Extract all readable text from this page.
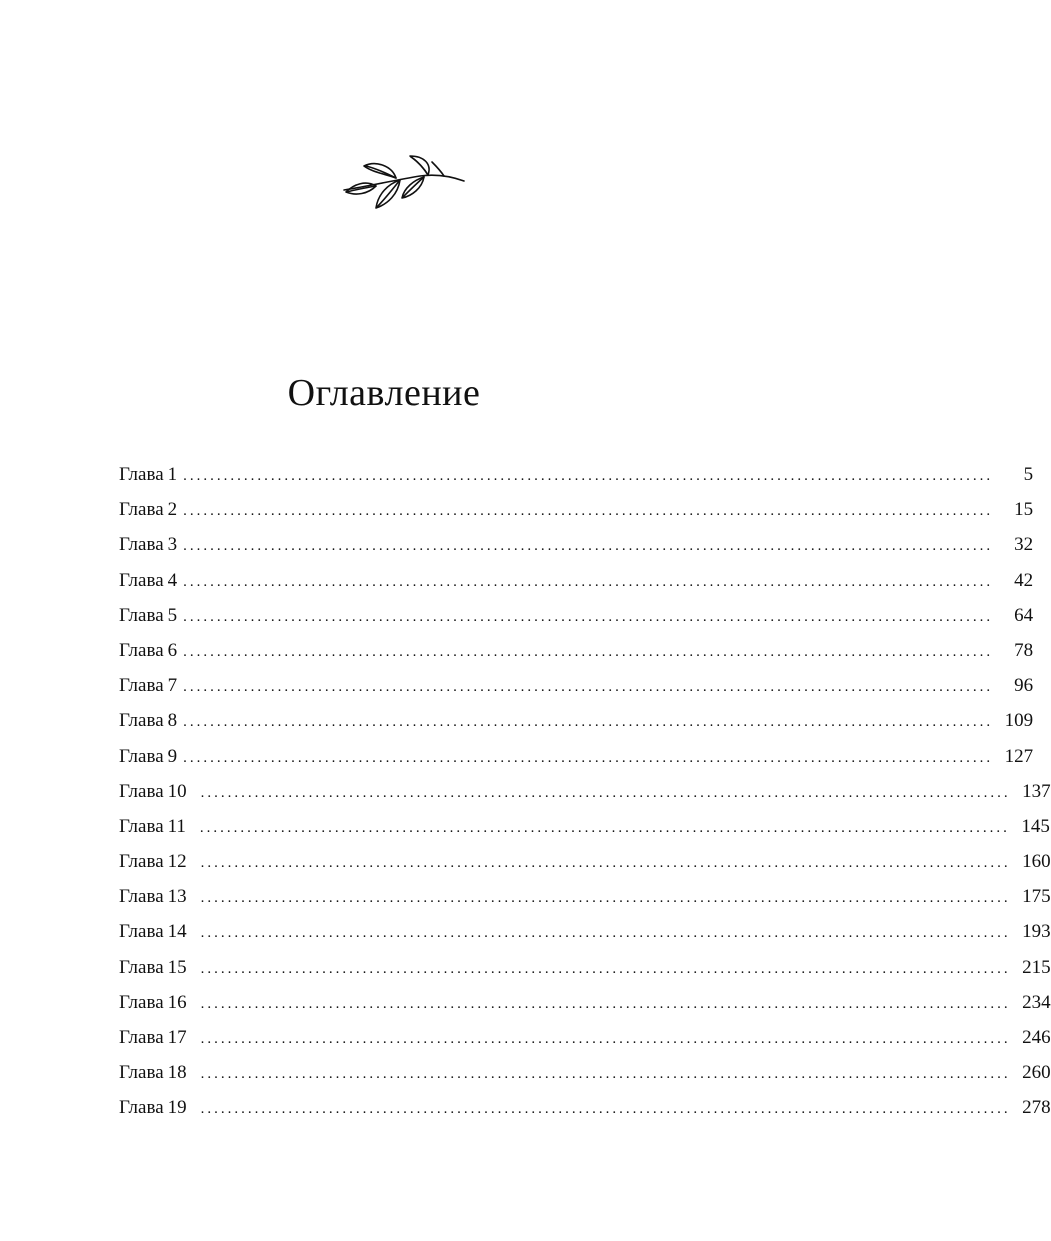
Оглавление
Глава 1 ........................................................................................................................	5
Глава 2 ........................................................................................................................	15
Глава 3 ........................................................................................................................	32
Глава 4 ........................................................................................................................	42
Глава 5 ........................................................................................................................	64
Глава 6 ........................................................................................................................	78
Глава 7 ........................................................................................................................	96
Глава 8 ........................................................................................................................ 109
Глава 9 ........................................................................................................................ 127
Глава 10 ........................................................................................................................ 137
Глава 11 ........................................................................................................................ 145
Глава 12 ........................................................................................................................ 160
Глава 13 ........................................................................................................................ 175
Глава 14 ........................................................................................................................ 193
Глава 15 ........................................................................................................................ 215
Глава 16 ........................................................................................................................ 234
Глава 17 ........................................................................................................................ 246
Глава 18 ........................................................................................................................ 260
Глава 19 ........................................................................................................................ 278
